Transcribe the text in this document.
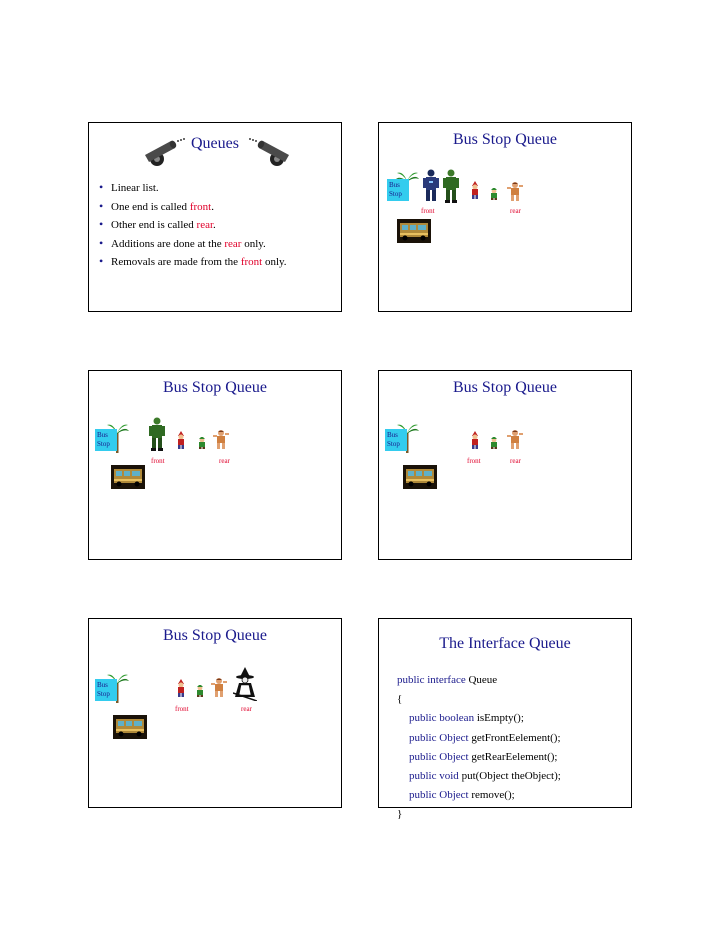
Queues
• Linear list.
• One end is called front.
• Other end is called rear.
• Additions are done at the rear only.
• Removals are made from the front only.
Bus Stop Queue
Bus Stop
front	rear
Bus Stop Queue
Bus Stop
front	rear
Bus Stop Queue
Bus Stop
front	rear
Bus Stop Queue
Bus Stop
front	rear
The Interface Queue
public interface Queue
{
public boolean isEmpty();
public Object getFrontEelement();
public Object getRearEelement();
public void put(Object theObject);
public Object remove();
}
